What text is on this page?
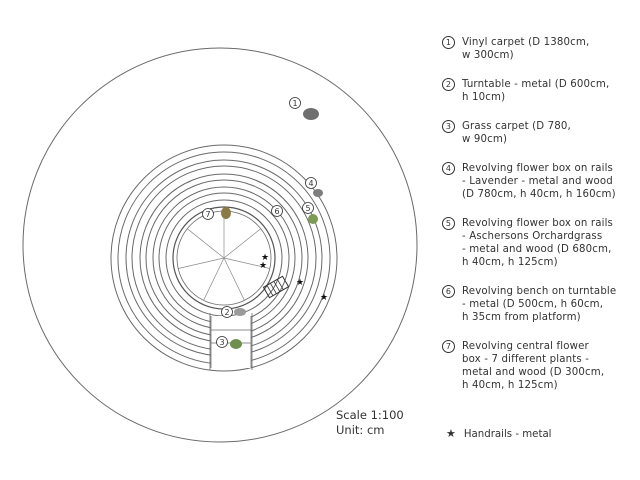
★
★
★
★
1
2
3
4
5
6
7
Scale 1:100
Unit: cm
1	Vinyl carpet (D 1380cm,
w 300cm)
2	Turntable - metal (D 600cm,
h 10cm)
3	Grass carpet (D 780,
w 90cm)
4	Revolving flower box on rails
- Lavender - metal and wood
(D 780cm, h 40cm, h 160cm)
5	Revolving flower box on rails
- Aschersons Orchardgrass
- metal and wood (D 680cm,
h 40cm, h 125cm)
6	Revolving bench on turntable
- metal (D 500cm, h 60cm,
h 35cm from platform)
7	Revolving central flower
box - 7 different plants -
metal and wood (D 300cm,
h 40cm, h 125cm)
★ Handrails - metal
